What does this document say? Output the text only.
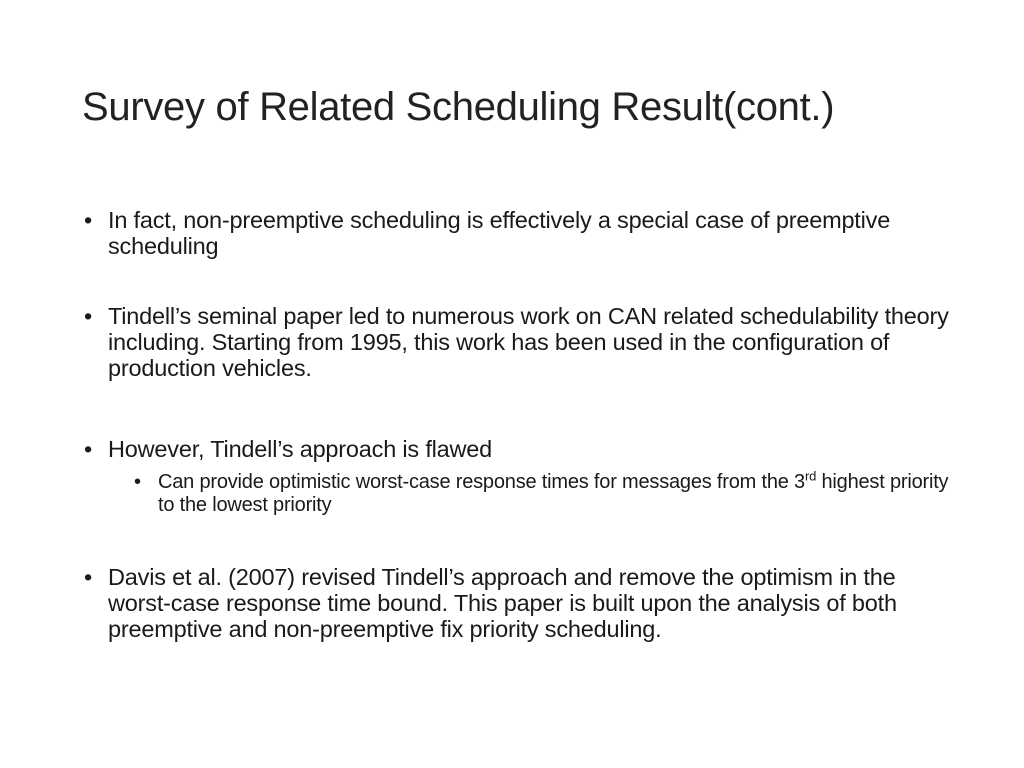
Survey of Related Scheduling Result(cont.)
• In fact, non-preemptive scheduling is effectively a special case of preemptive scheduling
• Tindell’s seminal paper led to numerous work on CAN related schedulability theory including. Starting from 1995, this work has been used in the configuration of production vehicles.
• However, Tindell’s approach is flawed
• Can provide optimistic worst-case response times for messages from the 3rd highest priority to the lowest priority
• Davis et al. (2007) revised Tindell’s approach and remove the optimism in the worst-case response time bound. This paper is built upon the analysis of both preemptive and non-preemptive fix priority scheduling.
